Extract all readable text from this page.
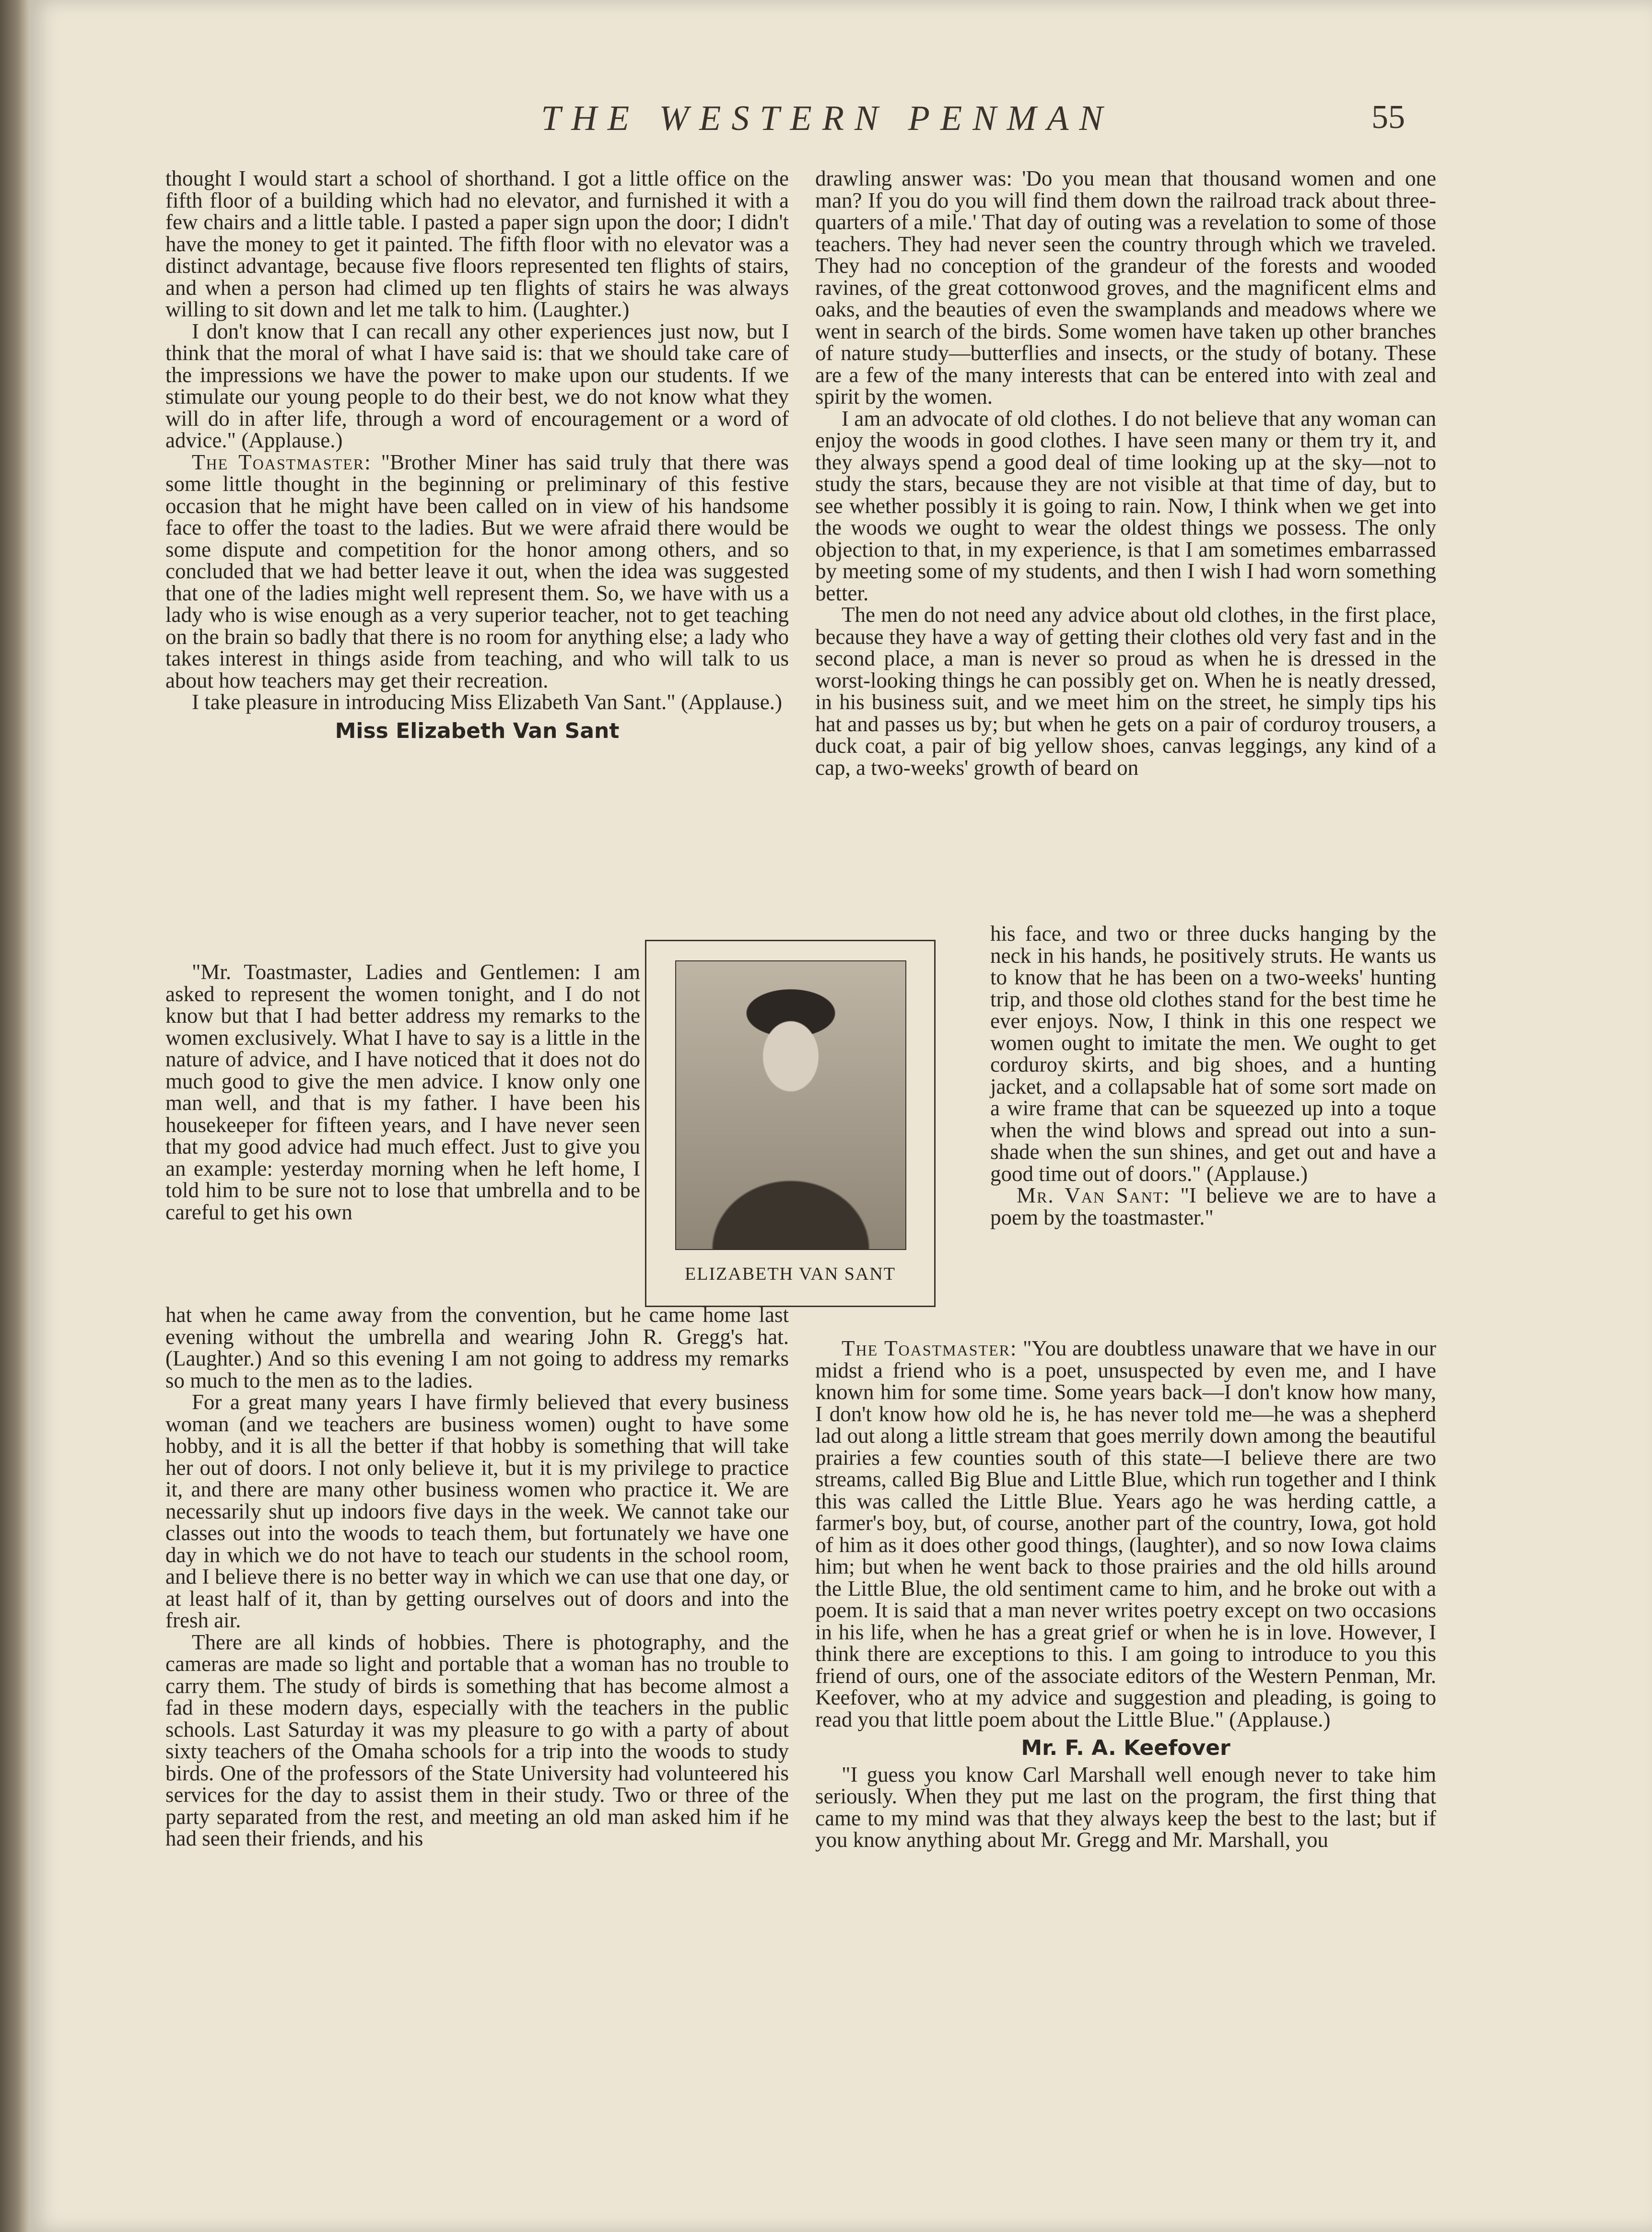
THE WESTERN PENMAN	55

thought I would start a school of shorthand. I got a little office on the fifth floor of a building which had no elevator, and furnished it with a few chairs and a little table. I pasted a paper sign upon the door; I didn't have the money to get it painted. The fifth floor with no elevator was a distinct advantage, because five floors represented ten flights of stairs, and when a person had climed up ten flights of stairs he was always willing to sit down and let me talk to him. (Laughter.)

I don't know that I can recall any other experiences just now, but I think that the moral of what I have said is: that we should take care of the impressions we have the power to make upon our students. If we stimulate our young people to do their best, we do not know what they will do in after life, through a word of encouragement or a word of advice." (Applause.)

The Toastmaster: "Brother Miner has said truly that there was some little thought in the beginning or preliminary of this festive occasion that he might have been called on in view of his handsome face to offer the toast to the ladies. But we were afraid there would be some dispute and competition for the honor among others, and so concluded that we had better leave it out, when the idea was suggested that one of the ladies might well represent them. So, we have with us a lady who is wise enough as a very superior teacher, not to get teaching on the brain so badly that there is no room for anything else; a lady who takes interest in things aside from teaching, and who will talk to us about how teachers may get their recreation.

I take pleasure in introducing Miss Elizabeth Van Sant." (Applause.)

Miss Elizabeth Van Sant

"Mr. Toastmaster, Ladies and Gentlemen: I am asked to represent the women tonight, and I do not know but that I had better address my remarks to the women exclusively. What I have to say is a little in the nature of advice, and I have noticed that it does not do much good to give the men advice. I know only one man well, and that is my father. I have been his housekeeper for fifteen years, and I have never seen that my good advice had much effect. Just to give you an example: yesterday morning when he left home, I told him to be sure not to lose that umbrella and to be careful to get his own

ELIZABETH VAN SANT

hat when he came away from the convention, but he came home last evening without the umbrella and wearing John R. Gregg's hat. (Laughter.) And so this evening I am not going to address my remarks so much to the men as to the ladies.

For a great many years I have firmly believed that every business woman (and we teachers are business women) ought to have some hobby, and it is all the better if that hobby is something that will take her out of doors. I not only believe it, but it is my privilege to practice it, and there are many other business women who practice it. We are necessarily shut up indoors five days in the week. We cannot take our classes out into the woods to teach them, but fortunately we have one day in which we do not have to teach our students in the school room, and I believe there is no better way in which we can use that one day, or at least half of it, than by getting ourselves out of doors and into the fresh air.

There are all kinds of hobbies. There is photography, and the cameras are made so light and portable that a woman has no trouble to carry them. The study of birds is something that has become almost a fad in these modern days, especially with the teachers in the public schools. Last Saturday it was my pleasure to go with a party of about sixty teachers of the Omaha schools for a trip into the woods to study birds. One of the professors of the State University had volunteered his services for the day to assist them in their study. Two or three of the party separated from the rest, and meeting an old man asked him if he had seen their friends, and his

drawling answer was: 'Do you mean that thousand women and one man? If you do you will find them down the railroad track about three-quarters of a mile.' That day of outing was a revelation to some of those teachers. They had never seen the country through which we traveled. They had no conception of the grandeur of the forests and wooded ravines, of the great cottonwood groves, and the magnificent elms and oaks, and the beauties of even the swamplands and meadows where we went in search of the birds. Some women have taken up other branches of nature study—butterflies and insects, or the study of botany. These are a few of the many interests that can be entered into with zeal and spirit by the women.

I am an advocate of old clothes. I do not believe that any woman can enjoy the woods in good clothes. I have seen many or them try it, and they always spend a good deal of time looking up at the sky—not to study the stars, because they are not visible at that time of day, but to see whether possibly it is going to rain. Now, I think when we get into the woods we ought to wear the oldest things we possess. The only objection to that, in my experience, is that I am sometimes embarrassed by meeting some of my students, and then I wish I had worn something better.

The men do not need any advice about old clothes, in the first place, because they have a way of getting their clothes old very fast and in the second place, a man is never so proud as when he is dressed in the worst-looking things he can possibly get on. When he is neatly dressed, in his business suit, and we meet him on the street, he simply tips his hat and passes us by; but when he gets on a pair of corduroy trousers, a duck coat, a pair of big yellow shoes, canvas leggings, any kind of a cap, a two-weeks' growth of beard on

his face, and two or three ducks hanging by the neck in his hands, he positively struts. He wants us to know that he has been on a two-weeks' hunting trip, and those old clothes stand for the best time he ever enjoys. Now, I think in this one respect we women ought to imitate the men. We ought to get corduroy skirts, and big shoes, and a hunting jacket, and a collapsable hat of some sort made on a wire frame that can be squeezed up into a toque when the wind blows and spread out into a sun-shade when the sun shines, and get out and have a good time out of doors." (Applause.)

Mr. Van Sant: "I believe we are to have a poem by the toastmaster."

The Toastmaster: "You are doubtless unaware that we have in our midst a friend who is a poet, unsuspected by even me, and I have known him for some time. Some years back—I don't know how many, I don't know how old he is, he has never told me—he was a shepherd lad out along a little stream that goes merrily down among the beautiful prairies a few counties south of this state—I believe there are two streams, called Big Blue and Little Blue, which run together and I think this was called the Little Blue. Years ago he was herding cattle, a farmer's boy, but, of course, another part of the country, Iowa, got hold of him as it does other good things, (laughter), and so now Iowa claims him; but when he went back to those prairies and the old hills around the Little Blue, the old sentiment came to him, and he broke out with a poem. It is said that a man never writes poetry except on two occasions in his life, when he has a great grief or when he is in love. However, I think there are exceptions to this. I am going to introduce to you this friend of ours, one of the associate editors of the Western Penman, Mr. Keefover, who at my advice and suggestion and pleading, is going to read you that little poem about the Little Blue." (Applause.)

Mr. F. A. Keefover

"I guess you know Carl Marshall well enough never to take him seriously. When they put me last on the program, the first thing that came to my mind was that they always keep the best to the last; but if you know anything about Mr. Gregg and Mr. Marshall, you
